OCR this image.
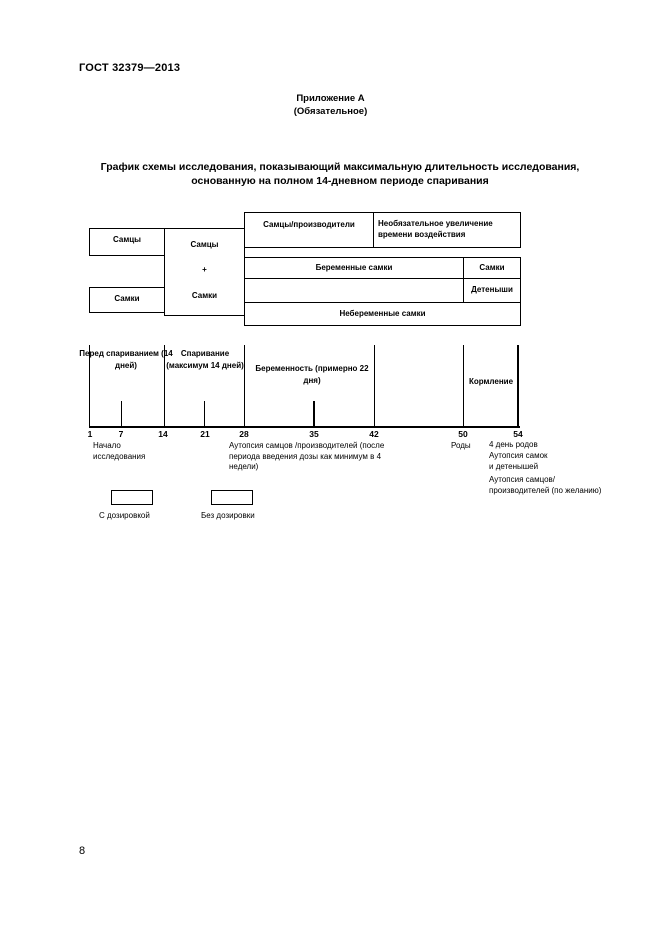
ГОСТ 32379—2013
Приложение А
(Обязательное)
График схемы исследования, показывающий максимальную длительность исследования,
основанную на полном 14-дневном периоде спаривания
Самцы
Самки
Самцы
+
Самки
Самцы/производители	Необязательное увеличение времени воздействия
Беременные самки	Самки
Детеныши
Небеременные самки
Перед спариванием (14 дней)
Спаривание (максимум 14 дней)	Беременность (примерно 22 дня)	Кормление
1	7	14	21	28	35	42	50	54
Начало исследования
Аутопсия самцов /производителей (после периода введения дозы как минимум в 4 недели)
Роды	4 день родов
Аутопсия самок и детенышей
Аутопсия самцов/производителей (по желанию)
С дозировкой	Без дозировки
8
